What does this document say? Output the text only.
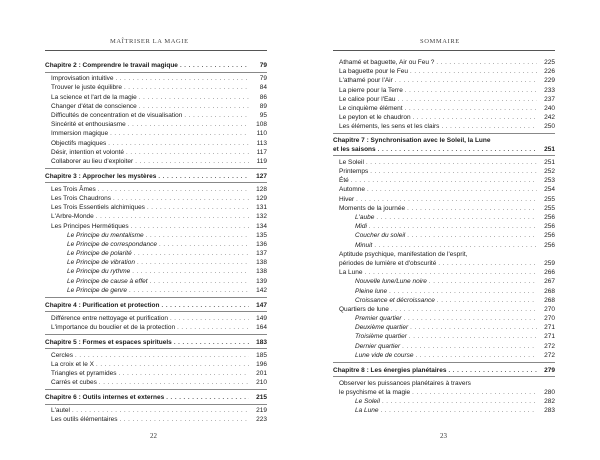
MAÎTRISER LA MAGIE
Chapitre 2 : Comprendre le travail magique . . .	79
Improvisation intuitive . . .	79
Trouver le juste équilibre . . .	84
La science et l'art de la magie . . .	86
Changer d'état de conscience . . .	89
Difficultés de concentration et de visualisation . . .	95
Sincérité et enthousiasme . . .	108
Immersion magique . . .	110
Objectifs magiques . . .	113
Désir, intention et volonté . . .	117
Collaborer au lieu d'exploiter . . .	119
Chapitre 3 : Approcher les mystères . . .	127
Les Trois Âmes . . .	128
Les Trois Chaudrons . . .	129
Les Trois Essentiels alchimiques . . .	131
L'Arbre-Monde . . .	132
Les Principes Hermétiques . . .	134
Le Principe du mentalisme . . .	135
Le Principe de correspondance . . .	136
Le Principe de polarité . . .	137
Le Principe de vibration . . .	138
Le Principe du rythme . . .	138
Le Principe de cause à effet . . .	139
Le Principe de genre . . .	142
Chapitre 4 : Purification et protection . . .	147
Différence entre nettoyage et purification . . .	149
L'importance du bouclier et de la protection . . .	164
Chapitre 5 : Formes et espaces spirituels . . .	183
Cercles . . .	185
La croix et le X . . .	196
Triangles et pyramides . . .	201
Carrés et cubes . . .	210
Chapitre 6 : Outils internes et externes . . .	215
L'autel . . .	219
Les outils élémentaires . . .	223
22
SOMMAIRE
Athamé et baguette, Air ou Feu ? . . .	225
La baguette pour le Feu . . .	226
L'athamé pour l'Air . . .	229
La pierre pour la Terre . . .	233
Le calice pour l'Eau . . .	237
Le cinquième élément . . .	240
Le peyton et le chaudron . . .	242
Les éléments, les sens et les clairs . . .	250
Chapitre 7 : Synchronisation avec le Soleil, la Lune
et les saisons . . .	251
Le Soleil . . .	251
Printemps . . .	252
Été . . .	253
Automne . . .	254
Hiver . . .	255
Moments de la journée . . .	255
L'aube . . .	256
Midi . . .	256
Coucher du soleil . . .	256
Minuit . . .	256
Aptitude psychique, manifestation de l'esprit,
périodes de lumière et d'obscurité . . .	259
La Lune . . .	266
Nouvelle lune/Lune noire . . .	267
Pleine lune . . .	268
Croissance et décroissance . . .	268
Quartiers de lune . . .	270
Premier quartier . . .	270
Deuxième quartier . . .	271
Troisième quartier . . .	271
Dernier quartier . . .	272
Lune vide de course . . .	272
Chapitre 8 : Les énergies planétaires . . .	279
Observer les puissances planétaires à travers
le psychisme et la magie . . .	280
Le Soleil . . .	282
La Lune . . .	283
23
